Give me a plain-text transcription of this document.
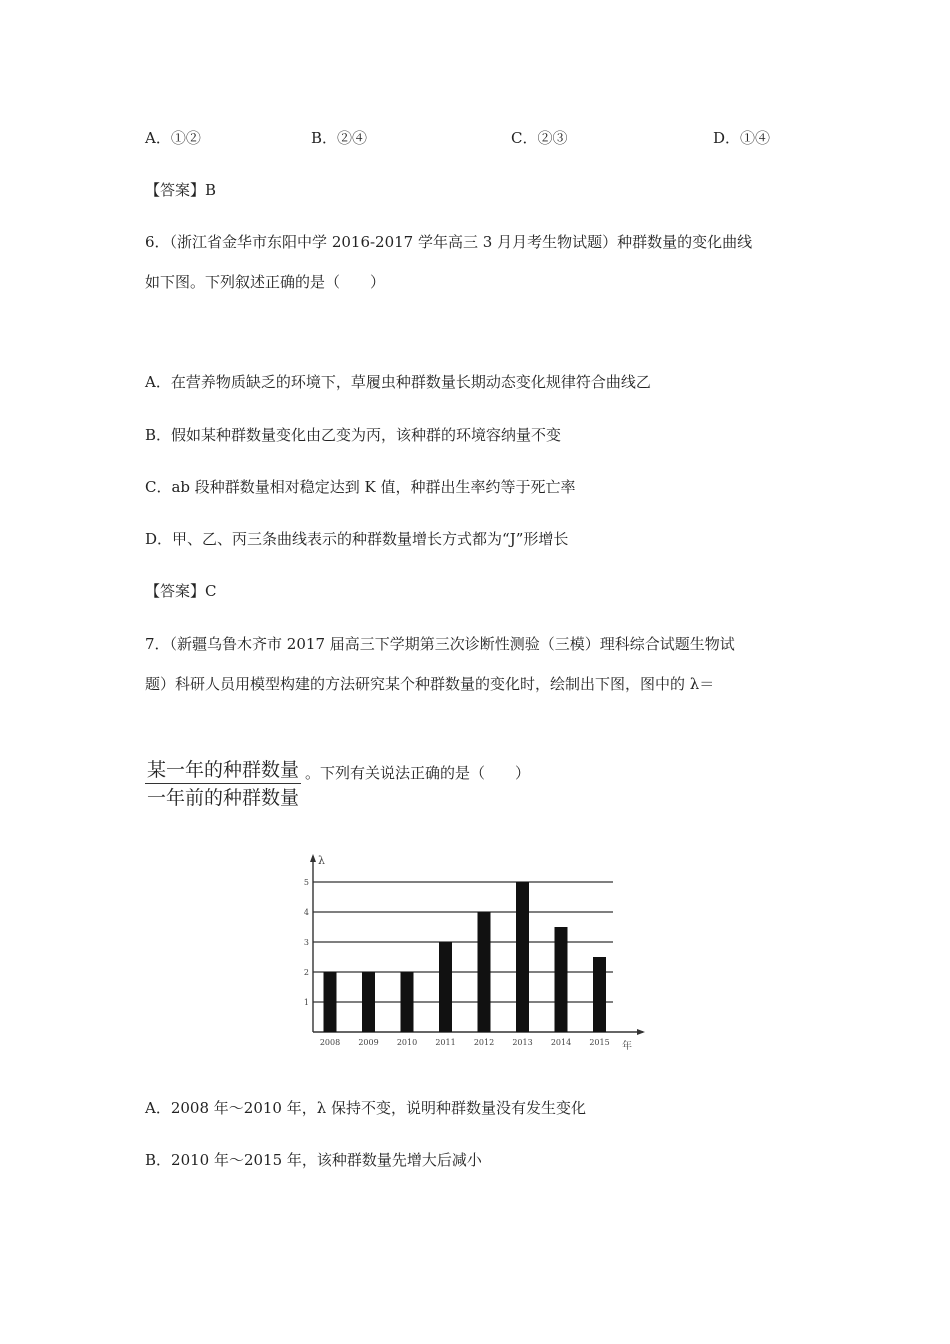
A．①②	B．②④	C．②③	D．①④
【答案】B
6．（浙江省金华市东阳中学 2016-2017 学年高三 3 月月考生物试题）种群数量的变化曲线
如下图。下列叙述正确的是（　　）
A．在营养物质缺乏的环境下，草履虫种群数量长期动态变化规律符合曲线乙
B．假如某种群数量变化由乙变为丙，该种群的环境容纳量不变
C．ab 段种群数量相对稳定达到 K 值，种群出生率约等于死亡率
D．甲、乙、丙三条曲线表示的种群数量增长方式都为“J”形增长
【答案】C
7．（新疆乌鲁木齐市 2017 届高三下学期第三次诊断性测验（三模）理科综合试题生物试
题）科研人员用模型构建的方法研究某个种群数量的变化时，绘制出下图，图中的 λ＝
某一年的种群数量
一年前的种群数量
。下列有关说法正确的是（　　）
1
2
3
4
5
λ
年
2008 2009 2010 2011 2012 2013 2014 2015
A．2008 年～2010 年，λ 保持不变，说明种群数量没有发生变化
B．2010 年～2015 年，该种群数量先增大后减小
